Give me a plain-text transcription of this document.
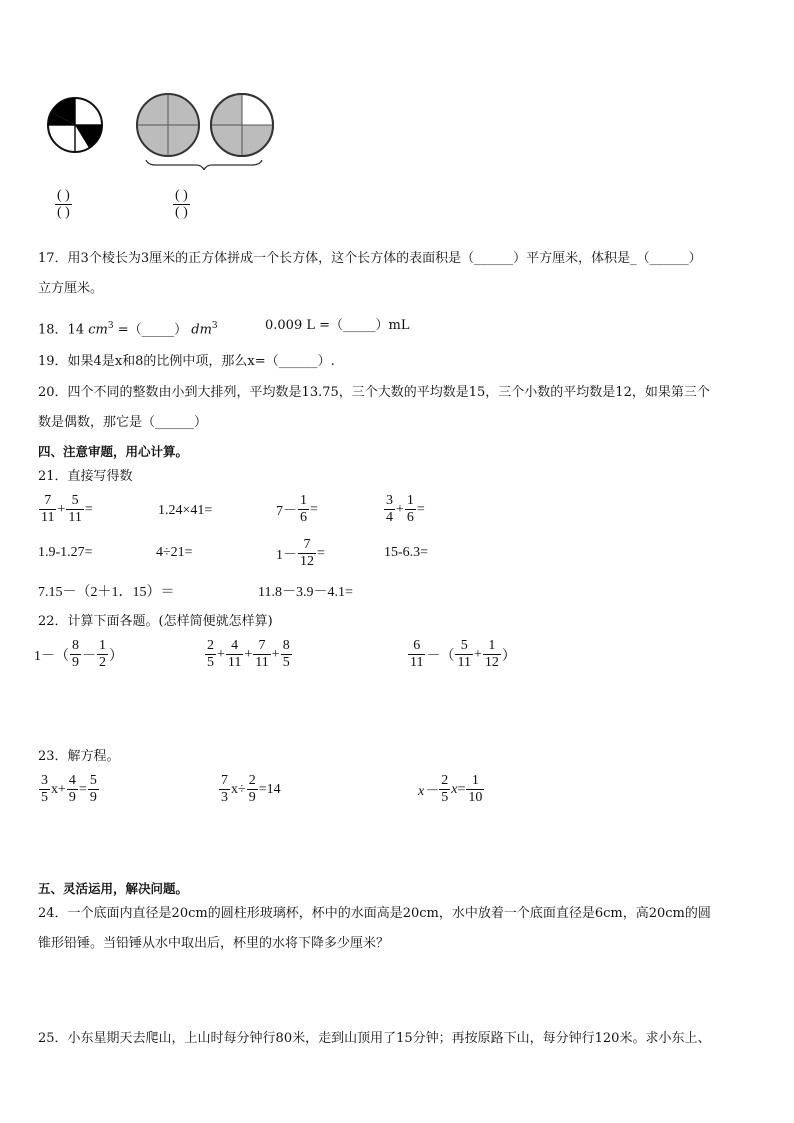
( )
( )
( )
( )
17．用3个棱长为3厘米的正方体拼成一个长方体，这个长方体的表面积是（______）平方厘米，体积是_（______）
立方厘米。
18．14 $cm^3$ =（_____） $dm^3$	0.009 L =（_____）mL
19．如果4是x和8的比例中项，那么x=（______）.
20．四个不同的整数由小到大排列，平均数是13.75，三个大数的平均数是15，三个小数的平均数是12，如果第三个
数是偶数，那它是（______）
四、注意审题，用心计算。
21．直接写得数
$\frac{7}{11} + \frac{5}{11}$ =	1.24×41=	$7- \frac{1}{6}$ =	$\frac{3}{4} + \frac{1}{6}$ =
1.9-1.27=	4÷21=	$1- \frac{7}{12}$ =	15-6.3=
7.15－（2＋1．15）＝	11.8－3.9－4.1=
22．计算下面各题。(怎样简便就怎样算)
$1-( \frac{8}{9} - \frac{1}{2}$ ）	$\frac{2}{5} + \frac{4}{11} + \frac{7}{11} + \frac{8}{5}$	$\frac{6}{11}$ －（ $\frac{5}{11} + \frac{1}{12}$ ）
23．解方程。
$\frac{3}{5} x+ \frac{4}{9} = \frac{5}{9}$	$\frac{7}{3} x\div \frac{2}{9} =14$	$x- \frac{2}{5}$ $x = \frac{1}{10}$
五、灵活运用，解决问题。
24．一个底面内直径是20cm的圆柱形玻璃杯，杯中的水面高是20cm，水中放着一个底面直径是6cm，高20cm的圆
锥形铅锤。当铅锤从水中取出后，杯里的水将下降多少厘米？
25．小东星期天去爬山，上山时每分钟行80米，走到山顶用了15分钟；再按原路下山，每分钟行120米。求小东上、
